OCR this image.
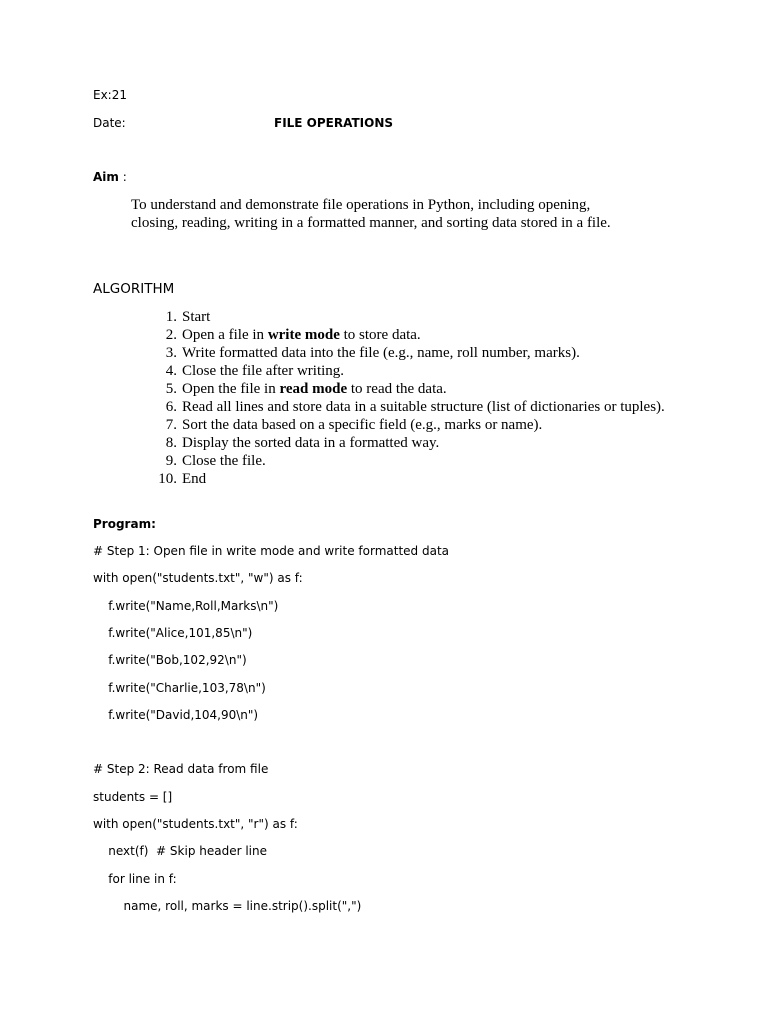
Ex:21
Date:	FILE OPERATIONS
Aim :
To understand and demonstrate file operations in Python, including opening, closing, reading, writing in a formatted manner, and sorting data stored in a file.
ALGORITHM
1. Start
2. Open a file in write mode to store data.
3. Write formatted data into the file (e.g., name, roll number, marks).
4. Close the file after writing.
5. Open the file in read mode to read the data.
6. Read all lines and store data in a suitable structure (list of dictionaries or tuples).
7. Sort the data based on a specific field (e.g., marks or name).
8. Display the sorted data in a formatted way.
9. Close the file.
10. End
Program:
# Step 1: Open file in write mode and write formatted data
with open("students.txt", "w") as f:
f.write("Name,Roll,Marks\n")
f.write("Alice,101,85\n")
f.write("Bob,102,92\n")
f.write("Charlie,103,78\n")
f.write("David,104,90\n")
# Step 2: Read data from file
students = []
with open("students.txt", "r") as f:
next(f)  # Skip header line
for line in f:
name, roll, marks = line.strip().split(",")
